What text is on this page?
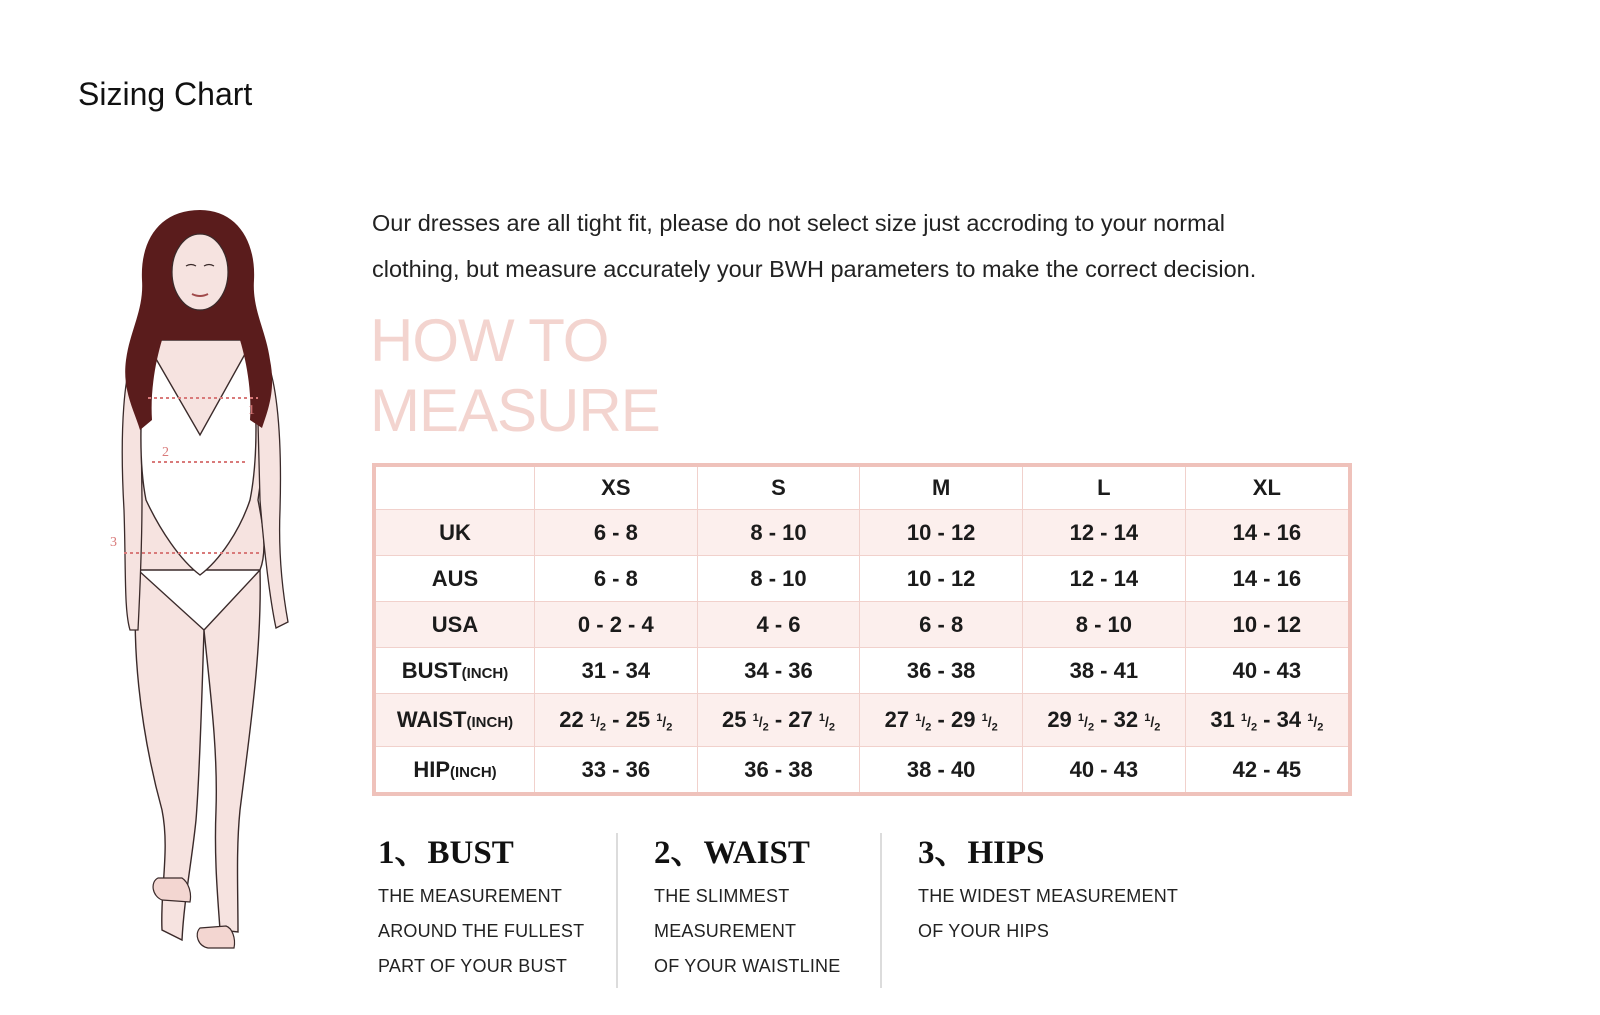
Sizing Chart
1
2
3
Our dresses are all tight fit, please do not select size just accroding to your normal
clothing, but measure accurately your BWH parameters to make the correct decision.
HOW TO
MEASURE
	XS	S	M	L	XL
UK	6 - 8	8 - 10	10 - 12	12 - 14	14 - 16
AUS	6 - 8	8 - 10	10 - 12	12 - 14	14 - 16
USA	0 - 2 - 4	4 - 6	6 - 8	8 - 10	10 - 12
BUST(INCH)	31 - 34	34 - 36	36 - 38	38 - 41	40 - 43
WAIST(INCH)	22 $^1/_2 - 25$ $^1/_2$	25 $^1/_2 - 27$ $^1/_2$	27 $^1/_2 - 29$ $^1/_2$	29 $^1/_2 - 32$ $^1/_2$	31 $^1/_2 - 34$ $^1/_2$
HIP(INCH)	33 - 36	36 - 38	38 - 40	40 - 43	42 - 45
1、BUST
THE MEASUREMENT
AROUND THE FULLEST
PART OF YOUR BUST
2、WAIST
THE SLIMMEST
MEASUREMENT
OF YOUR WAISTLINE
3、HIPS
THE WIDEST MEASUREMENT
OF YOUR HIPS
